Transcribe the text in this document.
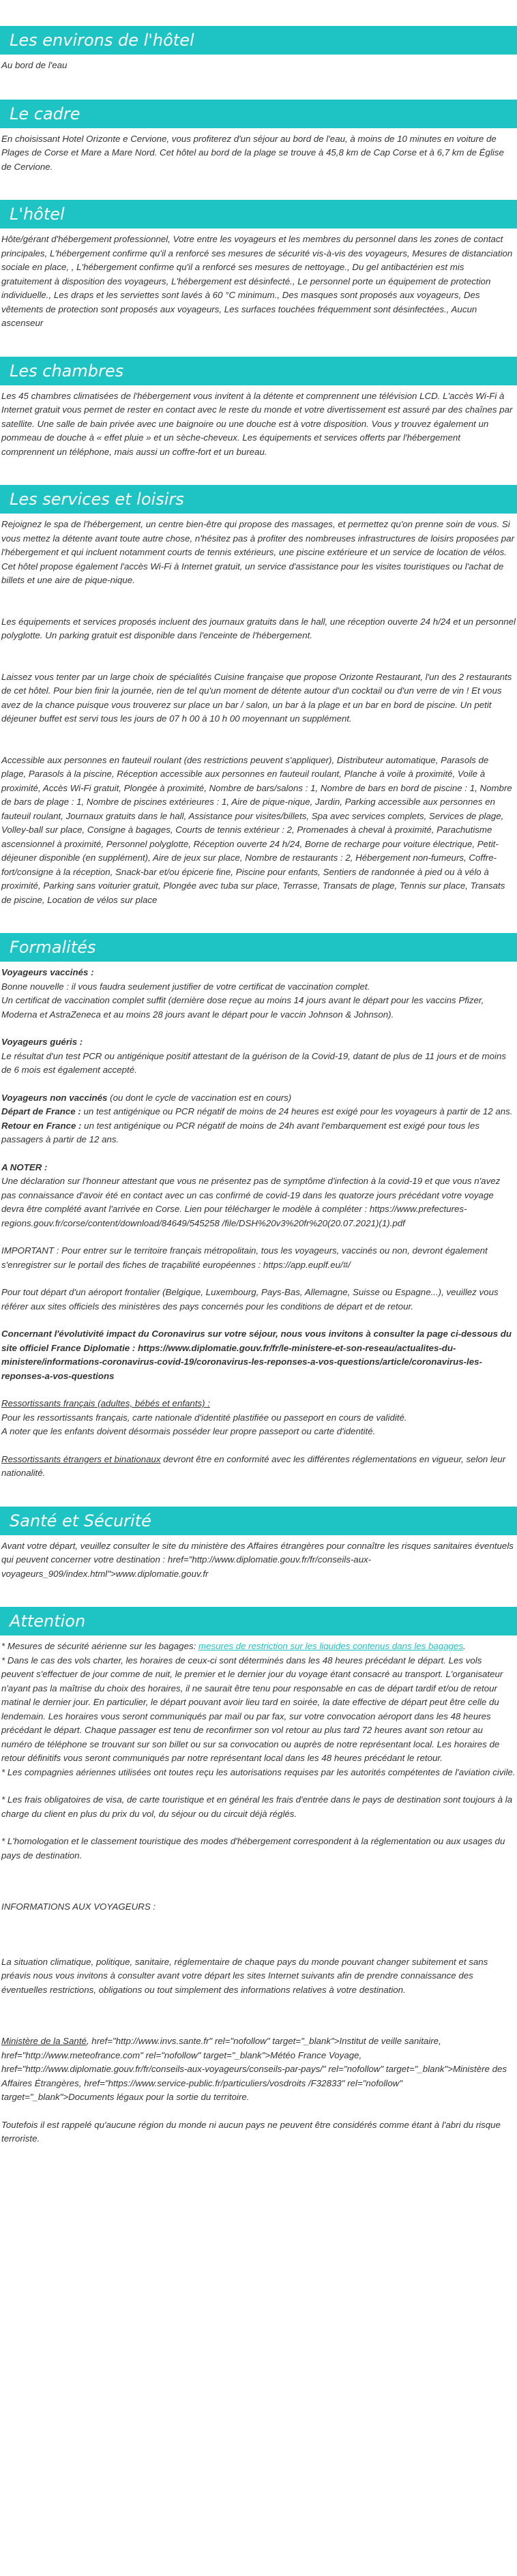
Les environs de l'hôtel

Au bord de l'eau

Le cadre

En choisissant Hotel Orizonte e Cervione, vous profiterez d'un séjour au bord de l'eau, à moins de 10 minutes en voiture de Plages de Corse et Mare a Mare Nord. Cet hôtel au bord de la plage se trouve à 45,8 km de Cap Corse et à 6,7 km de Église de Cervione.

L'hôtel

Hôte/gérant d'hébergement professionnel, Votre entre les voyageurs et les membres du personnel dans les zones de contact principales, L'hébergement confirme qu'il a renforcé ses mesures de sécurité vis-à-vis des voyageurs, Mesures de distanciation sociale en place, , L'hébergement confirme qu'il a renforcé ses mesures de nettoyage., Du gel antibactérien est mis gratuitement à disposition des voyageurs, L'hébergement est désinfecté., Le personnel porte un équipement de protection individuelle., Les draps et les serviettes sont lavés à 60 °C minimum., Des masques sont proposés aux voyageurs, Des vêtements de protection sont proposés aux voyageurs, Les surfaces touchées fréquemment sont désinfectées., Aucun ascenseur

Les chambres

Les 45 chambres climatisées de l'hébergement vous invitent à la détente et comprennent une télévision LCD. L'accès Wi-Fi à Internet gratuit vous permet de rester en contact avec le reste du monde et votre divertissement est assuré par des chaînes par satellite. Une salle de bain privée avec une baignoire ou une douche est à votre disposition. Vous y trouvez également un pommeau de douche à « effet pluie » et un sèche-cheveux. Les équipements et services offerts par l'hébergement comprennent un téléphone, mais aussi un coffre-fort et un bureau.

Les services et loisirs

Rejoignez le spa de l'hébergement, un centre bien-être qui propose des massages, et permettez qu'on prenne soin de vous. Si vous mettez la détente avant toute autre chose, n'hésitez pas à profiter des nombreuses infrastructures de loisirs proposées par l'hébergement et qui incluent notamment courts de tennis extérieurs, une piscine extérieure et un service de location de vélos. Cet hôtel propose également l'accès Wi-Fi à Internet gratuit, un service d'assistance pour les visites touristiques ou l'achat de billets et une aire de pique-nique.

Les équipements et services proposés incluent des journaux gratuits dans le hall, une réception ouverte 24 h/24 et un personnel polyglotte. Un parking gratuit est disponible dans l'enceinte de l'hébergement.

Laissez vous tenter par un large choix de spécialités Cuisine française que propose Orizonte Restaurant, l'un des 2 restaurants de cet hôtel. Pour bien finir la journée, rien de tel qu'un moment de détente autour d'un cocktail ou d'un verre de vin ! Et vous avez de la chance puisque vous trouverez sur place un bar / salon, un bar à la plage et un bar en bord de piscine. Un petit déjeuner buffet est servi tous les jours de 07 h 00 à 10 h 00 moyennant un supplément.

Accessible aux personnes en fauteuil roulant (des restrictions peuvent s'appliquer), Distributeur automatique, Parasols de plage, Parasols à la piscine, Réception accessible aux personnes en fauteuil roulant, Planche à voile à proximité, Voile à proximité, Accès Wi-Fi gratuit, Plongée à proximité, Nombre de bars/salons : 1, Nombre de bars en bord de piscine : 1, Nombre de bars de plage : 1, Nombre de piscines extérieures : 1, Aire de pique-nique, Jardin, Parking accessible aux personnes en fauteuil roulant, Journaux gratuits dans le hall, Assistance pour visites/billets, Spa avec services complets, Services de plage, Volley-ball sur place, Consigne à bagages, Courts de tennis extérieur : 2, Promenades à cheval à proximité, Parachutisme ascensionnel à proximité, Personnel polyglotte, Réception ouverte 24 h/24, Borne de recharge pour voiture électrique, Petit-déjeuner disponible (en supplément), Aire de jeux sur place, Nombre de restaurants : 2, Hébergement non-fumeurs, Coffre-fort/consigne à la réception, Snack-bar et/ou épicerie fine, Piscine pour enfants, Sentiers de randonnée à pied ou à vélo à proximité, Parking sans voiturier gratuit, Plongée avec tuba sur place, Terrasse, Transats de plage, Tennis sur place, Transats de piscine, Location de vélos sur place

Formalités

Voyageurs vaccinés :

Bonne nouvelle : il vous faudra seulement justifier de votre certificat de vaccination complet.

Un certificat de vaccination complet suffit (dernière dose reçue au moins 14 jours avant le départ pour les vaccins Pfizer, Moderna et AstraZeneca et au moins 28 jours avant le départ pour le vaccin Johnson & Johnson).

Voyageurs guéris :

Le résultat d'un test PCR ou antigénique positif attestant de la guérison de la Covid-19, datant de plus de 11 jours et de moins de 6 mois est également accepté.

Voyageurs non vaccinés (ou dont le cycle de vaccination est en cours)

Départ de France : un test antigénique ou PCR négatif de moins de 24 heures est exigé pour les voyageurs à partir de 12 ans.

Retour en France : un test antigénique ou PCR négatif de moins de 24h avant l'embarquement est exigé pour tous les passagers à partir de 12 ans.

A NOTER :

Une déclaration sur l'honneur attestant que vous ne présentez pas de symptôme d'infection à la covid-19 et que vous n'avez pas connaissance d'avoir été en contact avec un cas confirmé de covid-19 dans les quatorze jours précédant votre voyage devra être complété avant l'arrivée en Corse. Lien pour télécharger le modèle à compléter : https://www.prefectures-regions.gouv.fr/corse/content/download/84649/545258 /file/DSH%20v3%20fr%20(20.07.2021)(1).pdf

IMPORTANT : Pour entrer sur le territoire français métropolitain, tous les voyageurs, vaccinés ou non, devront également s'enregistrer sur le portail des fiches de traçabilité européennes : https://app.euplf.eu/#/

Pour tout départ d'un aéroport frontalier (Belgique, Luxembourg, Pays-Bas, Allemagne, Suisse ou Espagne...), veuillez vous référer aux sites officiels des ministères des pays concernés pour les conditions de départ et de retour.

Concernant l'évolutivité impact du Coronavirus sur votre séjour, nous vous invitons à consulter la page ci-dessous du site officiel France Diplomatie : https://www.diplomatie.gouv.fr/fr/le-ministere-et-son-reseau/actualites-du-ministere/informations-coronavirus-covid-19/coronavirus-les-reponses-a-vos-questions/article/coronavirus-les-reponses-a-vos-questions

Ressortissants français (adultes, bébés et enfants) :

Pour les ressortissants français, carte nationale d'identité plastifiée ou passeport en cours de validité.

A noter que les enfants doivent désormais posséder leur propre passeport ou carte d'identité.

Ressortissants étrangers et binationaux devront être en conformité avec les différentes réglementations en vigueur, selon leur nationalité.

Santé et Sécurité

Avant votre départ, veuillez consulter le site du ministère des Affaires étrangères pour connaître les risques sanitaires éventuels qui peuvent concerner votre destination : href="http://www.diplomatie.gouv.fr/fr/conseils-aux-voyageurs_909/index.html">www.diplomatie.gouv.fr

Attention

* Mesures de sécurité aérienne sur les bagages: mesures de restriction sur les liquides contenus dans les bagages.

* Dans le cas des vols charter, les horaires de ceux-ci sont déterminés dans les 48 heures précédant le départ. Les vols peuvent s'effectuer de jour comme de nuit, le premier et le dernier jour du voyage étant consacré au transport. L'organisateur n'ayant pas la maîtrise du choix des horaires, il ne saurait être tenu pour responsable en cas de départ tardif et/ou de retour matinal le dernier jour. En particulier, le départ pouvant avoir lieu tard en soirée, la date effective de départ peut être celle du lendemain. Les horaires vous seront communiqués par mail ou par fax, sur votre convocation aéroport dans les 48 heures précédant le départ. Chaque passager est tenu de reconfirmer son vol retour au plus tard 72 heures avant son retour au numéro de téléphone se trouvant sur son billet ou sur sa convocation ou auprès de notre représentant local. Les horaires de retour définitifs vous seront communiqués par notre représentant local dans les 48 heures précédant le retour.

* Les compagnies aériennes utilisées ont toutes reçu les autorisations requises par les autorités compétentes de l'aviation civile.

* Les frais obligatoires de visa, de carte touristique et en général les frais d'entrée dans le pays de destination sont toujours à la charge du client en plus du prix du vol, du séjour ou du circuit déjà réglés.

* L'homologation et le classement touristique des modes d'hébergement correspondent à la réglementation ou aux usages du pays de destination.

INFORMATIONS AUX VOYAGEURS :

La situation climatique, politique, sanitaire, réglementaire de chaque pays du monde pouvant changer subitement et sans préavis nous vous invitons à consulter avant votre départ les sites Internet suivants afin de prendre connaissance des éventuelles restrictions, obligations ou tout simplement des informations relatives à votre destination.

Ministère de la Santé, href="http://www.invs.sante.fr" rel="nofollow" target="_blank">Institut de veille sanitaire, href="http://www.meteofrance.com" rel="nofollow" target="_blank">Météo France Voyage, href="http://www.diplomatie.gouv.fr/fr/conseils-aux-voyageurs/conseils-par-pays/" rel="nofollow" target="_blank">Ministère des Affaires Étrangères, href="https://www.service-public.fr/particuliers/vosdroits /F32833" rel="nofollow" target="_blank">Documents légaux pour la sortie du territoire.

Toutefois il est rappelé qu'aucune région du monde ni aucun pays ne peuvent être considérés comme étant à l'abri du risque terroriste.
